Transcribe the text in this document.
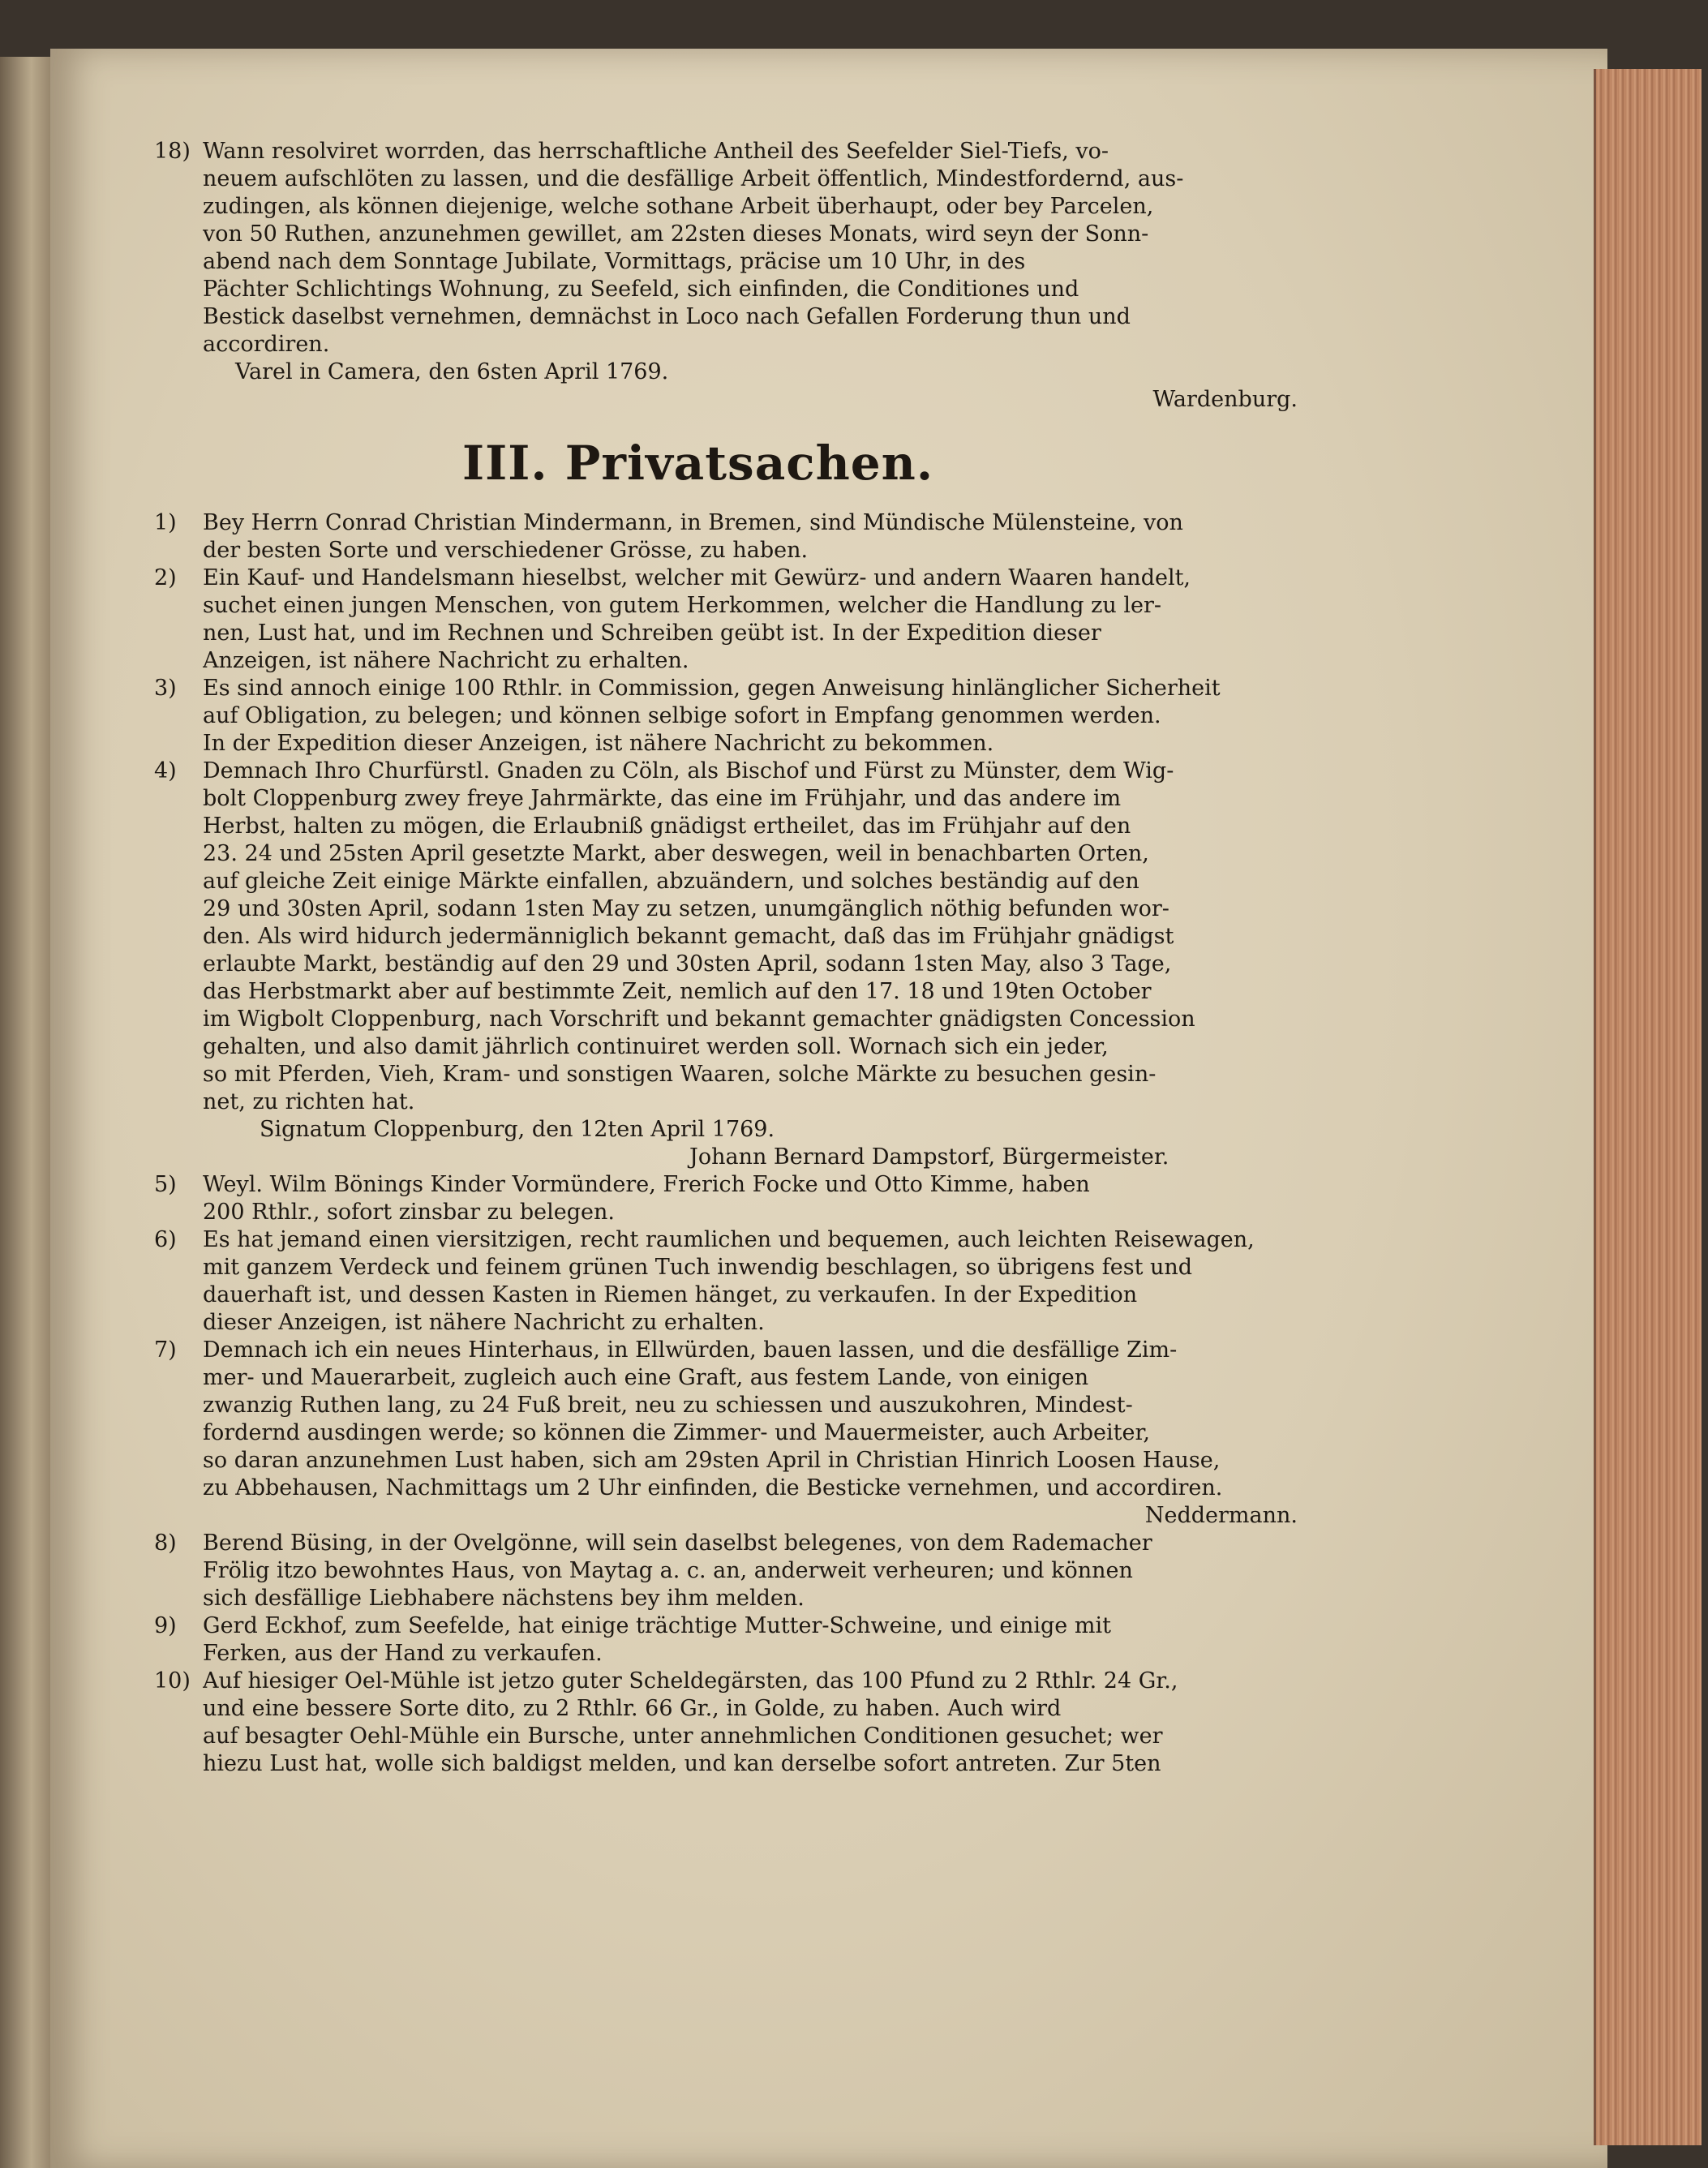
18) Wann resolviret worrden, das herrschaftliche Antheil des Seefelder Siel-Tiefs, vo-
neuem aufschlöten zu lassen, und die desfällige Arbeit öffentlich, Mindestfordernd, aus-
zudingen, als können diejenige, welche sothane Arbeit überhaupt, oder bey Parcelen,
von 50 Ruthen, anzunehmen gewillet, am 22sten dieses Monats, wird seyn der Sonn-
abend nach dem Sonntage Jubilate, Vormittags, präcise um 10 Uhr, in des
Pächter Schlichtings Wohnung, zu Seefeld, sich einfinden, die Conditiones und
Bestick daselbst vernehmen, demnächst in Loco nach Gefallen Forderung thun und
accordiren.
Varel in Camera, den 6sten April 1769.
Wardenburg.
III. Privatsachen.
1)	Bey Herrn Conrad Christian Mindermann, in Bremen, sind Mündische Mülensteine, von
der besten Sorte und verschiedener Grösse, zu haben.
2)	Ein Kauf- und Handelsmann hieselbst, welcher mit Gewürz- und andern Waaren handelt,
suchet einen jungen Menschen, von gutem Herkommen, welcher die Handlung zu ler-
nen, Lust hat, und im Rechnen und Schreiben geübt ist. In der Expedition dieser
Anzeigen, ist nähere Nachricht zu erhalten.
3)	Es sind annoch einige 100 Rthlr. in Commission, gegen Anweisung hinlänglicher Sicherheit
auf Obligation, zu belegen; und können selbige sofort in Empfang genommen werden.
In der Expedition dieser Anzeigen, ist nähere Nachricht zu bekommen.
4)	Demnach Ihro Churfürstl. Gnaden zu Cöln, als Bischof und Fürst zu Münster, dem Wig-
bolt Cloppenburg zwey freye Jahrmärkte, das eine im Frühjahr, und das andere im
Herbst, halten zu mögen, die Erlaubniß gnädigst ertheilet, das im Frühjahr auf den
23. 24 und 25sten April gesetzte Markt, aber deswegen, weil in benachbarten Orten,
auf gleiche Zeit einige Märkte einfallen, abzuändern, und solches beständig auf den
29 und 30sten April, sodann 1sten May zu setzen, unumgänglich nöthig befunden wor-
den. Als wird hidurch jedermänniglich bekannt gemacht, daß das im Frühjahr gnädigst
erlaubte Markt, beständig auf den 29 und 30sten April, sodann 1sten May, also 3 Tage,
das Herbstmarkt aber auf bestimmte Zeit, nemlich auf den 17. 18 und 19ten October
im Wigbolt Cloppenburg, nach Vorschrift und bekannt gemachter gnädigsten Concession
gehalten, und also damit jährlich continuiret werden soll. Wornach sich ein jeder,
so mit Pferden, Vieh, Kram- und sonstigen Waaren, solche Märkte zu besuchen gesin-
net, zu richten hat.
Signatum Cloppenburg, den 12ten April 1769.
Johann Bernard Dampstorf, Bürgermeister.
5)	Weyl. Wilm Bönings Kinder Vormündere, Frerich Focke und Otto Kimme, haben
200 Rthlr., sofort zinsbar zu belegen.
6)	Es hat jemand einen viersitzigen, recht raumlichen und bequemen, auch leichten Reisewagen,
mit ganzem Verdeck und feinem grünen Tuch inwendig beschlagen, so übrigens fest und
dauerhaft ist, und dessen Kasten in Riemen hänget, zu verkaufen. In der Expedition
dieser Anzeigen, ist nähere Nachricht zu erhalten.
7)	Demnach ich ein neues Hinterhaus, in Ellwürden, bauen lassen, und die desfällige Zim-
mer- und Mauerarbeit, zugleich auch eine Graft, aus festem Lande, von einigen
zwanzig Ruthen lang, zu 24 Fuß breit, neu zu schiessen und auszukohren, Mindest-
fordernd ausdingen werde; so können die Zimmer- und Mauermeister, auch Arbeiter,
so daran anzunehmen Lust haben, sich am 29sten April in Christian Hinrich Loosen Hause,
zu Abbehausen, Nachmittags um 2 Uhr einfinden, die Besticke vernehmen, und accordiren.
Neddermann.
8)	Berend Büsing, in der Ovelgönne, will sein daselbst belegenes, von dem Rademacher
Frölig itzo bewohntes Haus, von Maytag a. c. an, anderweit verheuren; und können
sich desfällige Liebhabere nächstens bey ihm melden.
9)	Gerd Eckhof, zum Seefelde, hat einige trächtige Mutter-Schweine, und einige mit
Ferken, aus der Hand zu verkaufen.
10) Auf hiesiger Oel-Mühle ist jetzo guter Scheldegärsten, das 100 Pfund zu 2 Rthlr. 24 Gr.,
und eine bessere Sorte dito, zu 2 Rthlr. 66 Gr., in Golde, zu haben. Auch wird
auf besagter Oehl-Mühle ein Bursche, unter annehmlichen Conditionen gesuchet; wer
hiezu Lust hat, wolle sich baldigst melden, und kan derselbe sofort antreten. Zur 5ten
